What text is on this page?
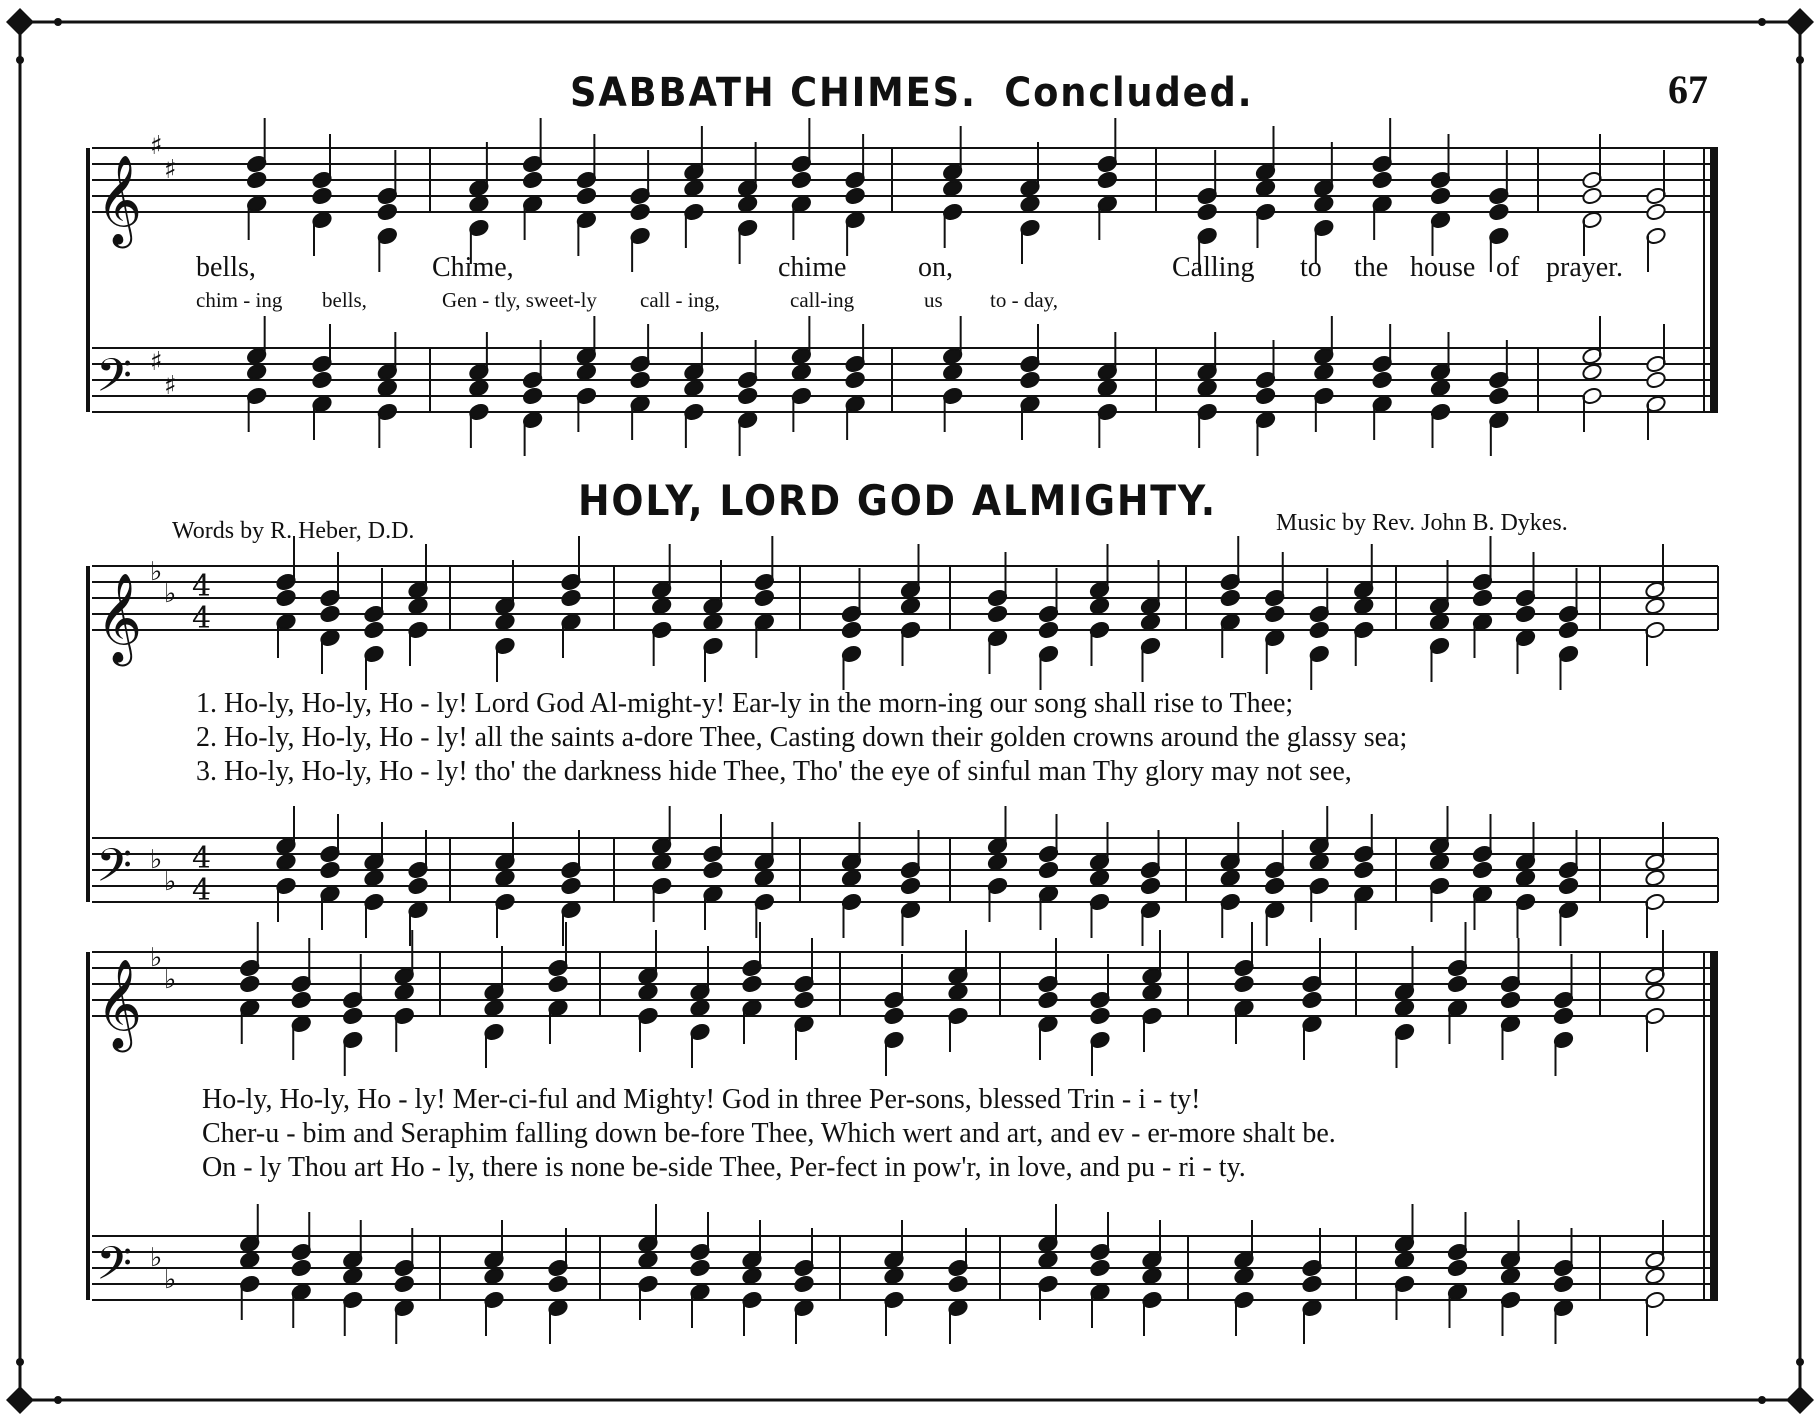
𝄞
𝄢
♯
♯
♯
♯
𝄞
𝄢
♭
♭
♭
♭
4
4
4
4
𝄞
𝄢
♭
♭
♭
♭
SABBATH CHIMES. Concluded.	67
bells,	Chime,	chime	on,	Calling to the house of prayer.
chim - ing bells,	Gen - tly, sweet-ly call - ing,	call-ing	us to - day,
HOLY, LORD GOD ALMIGHTY.
Words by R. Heber, D.D.	Music by Rev. John B. Dykes.
1. Ho-ly, Ho-ly, Ho - ly! Lord God Al-might-y! Ear-ly in the morn-ing our song shall rise to Thee;
2. Ho-ly, Ho-ly, Ho - ly! all the saints a-dore Thee, Casting down their golden crowns around the glassy sea;
3. Ho-ly, Ho-ly, Ho - ly! tho' the darkness hide Thee, Tho' the eye of sinful man Thy glory may not see,
Ho-ly, Ho-ly, Ho - ly! Mer-ci-ful and Mighty! God in three Per-sons, blessed Trin - i - ty!
Cher-u - bim and Seraphim falling down be-fore Thee, Which wert and art, and ev - er-more shalt be.
On - ly Thou art Ho - ly, there is none be-side Thee, Per-fect in pow'r, in love, and pu - ri - ty.
